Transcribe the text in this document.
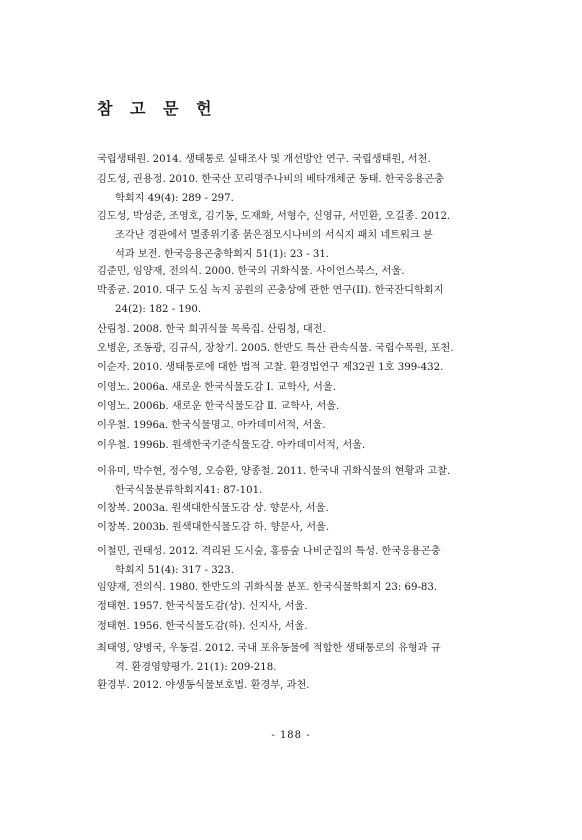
참 고 문 헌
국립생태원. 2014. 생태통로 실태조사 및 개선방안 연구. 국립생태원, 서천.
김도성, 권용정. 2010. 한국산 꼬리명주나비의 베타개체군 동태. 한국응용곤충
학회지 49(4): 289 - 297.
김도성, 박성준, 조영호, 김기동, 도재화, 서형수, 신영규, 서민환, 오길종. 2012.
조각난 경관에서 멸종위기종 붉은점모시나비의 서식지 패치 네트워크 분
석과 보전. 한국응용곤충학회지 51(1): 23 - 31.
김준민, 임양재, 전의식. 2000. 한국의 귀화식물. 사이언스북스, 서울.
박종균. 2010. 대구 도심 녹지 공원의 곤충상에 관한 연구(II). 한국잔디학회지
24(2): 182 - 190.
산림청. 2008. 한국 희귀식물 목록집. 산림청, 대전.
오병운, 조동광, 김규식, 장창기. 2005. 한반도 특산 관속식물. 국립수목원, 포천.
이순자. 2010. 생태통로에 대한 법적 고찰. 환경법연구 제32권 1호 399-432.
이영노. 2006a. 새로운 한국식물도감 Ⅰ. 교학사, 서울.
이영노. 2006b. 새로운 한국식물도감 Ⅱ. 교학사, 서울.
이우철. 1996a. 한국식물명고. 아카데미서적, 서울.
이우철. 1996b. 원색한국기준식물도감. 아카데미서적, 서울.
이유미, 박수현, 정수영, 오승환, 양종철. 2011. 한국내 귀화식물의 현황과 고찰.
한국식물분류학회지41: 87-101.
이창복. 2003a. 원색대한식물도감 상. 향문사, 서울.
이창복. 2003b. 원색대한식물도감 하. 향문사, 서울.
이철민, 권태성. 2012. 격리된 도시숲, 홍릉숲 나비군집의 특성. 한국응용곤충
학회지 51(4): 317 - 323.
임양재, 전의식. 1980. 한반도의 귀화식물 분포. 한국식물학회지 23: 69-83.
정태현. 1957. 한국식물도감(상). 신지사, 서울.
정태현. 1956. 한국식물도감(하). 신지사, 서울.
최태영, 양병국, 우동걸. 2012. 국내 포유동물에 적합한 생태통로의 유형과 규
격. 환경영향평가. 21(1): 209-218.
환경부. 2012. 야생동식물보호법. 환경부, 과천.
- 188 -
